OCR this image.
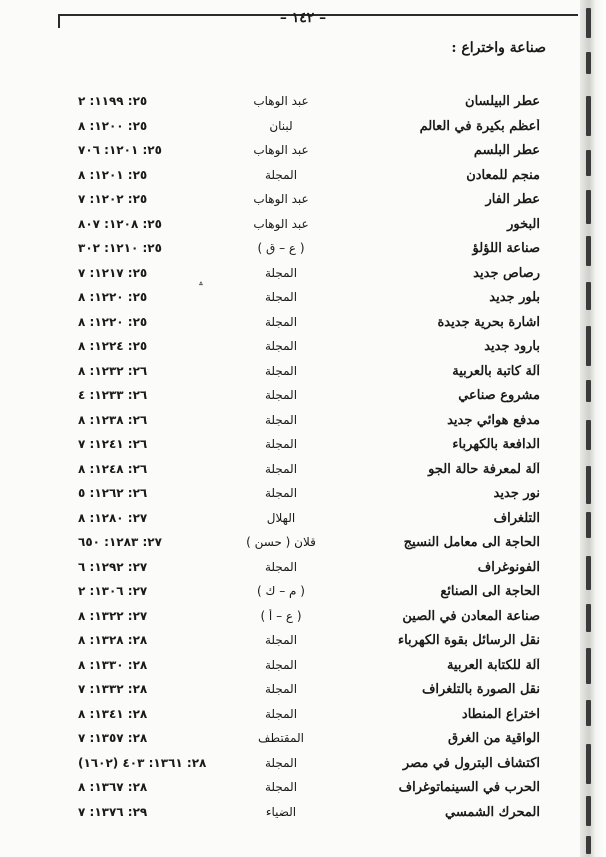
– ١٤٢ –
صناعة واختراع :
؞
عطر البيلسان
عبد الوهاب
٢٥: ١١٩٩: ٢
أعظم بكيرة في العالم
لبنان
٢٥: ١٢٠٠: ٨
عطر البلسم
عبد الوهاب
٢٥: ١٢٠١: ٧٠٦
منجم للمعادن
المجلة
٢٥: ١٢٠١: ٨
عطر الفار
عبد الوهاب
٢٥: ١٢٠٢: ٧
البخور
عبد الوهاب
٢٥: ١٢٠٨: ٨٠٧
صناعة اللؤلؤ
( ع – ق )
٢٥: ١٢١٠: ٣٠٢
رصاص جديد
المجلة
٢٥: ١٢١٧: ٧
بلور جديد
المجلة
٢٥: ١٢٢٠: ٨
اشارة بحرية جديدة
المجلة
٢٥: ١٢٢٠: ٨
بارود جديد
المجلة
٢٥: ١٢٢٤: ٨
آلة كاتبة بالعربية
المجلة
٢٦: ١٢٣٢: ٨
مشروع صناعي
المجلة
٢٦: ١٢٣٣: ٤
مدفع هوائي جديد
المجلة
٢٦: ١٢٣٨: ٨
الدافعة بالكهرباء
المجلة
٢٦: ١٢٤١: ٧
آلة لمعرفة حالة الجو
المجلة
٢٦: ١٢٤٨: ٨
نور جديد
المجلة
٢٦: ١٢٦٢: ٥
التلغراف
الهلال
٢٧: ١٢٨٠: ٨
الحاجة الى معامل النسيج
قلان ( حسن )
٢٧: ١٢٨٣: ٦٥٠
الفونوغراف
المجلة
٢٧: ١٢٩٢: ٦
الحاجة الى الصنائع
( م – ك )
٢٧: ١٣٠٦: ٢
صناعة المعادن في الصين
( ع – أ )
٢٧: ١٣٢٢: ٨
نقل الرسائل بقوة الكهرباء
المجلة
٢٨: ١٣٢٨: ٨
آلة للكتابة العربية
المجلة
٢٨: ١٣٣٠: ٨
نقل الصورة بالتلغراف
المجلة
٢٨: ١٣٣٢: ٧
اختراع المنطاد
المجلة
٢٨: ١٣٤١: ٨
الواقية من الغرق
المقتطف
٢٨: ١٣٥٧: ٧
اكتشاف البترول في مصر
المجلة
(١٦٠٢) ٢٨: ١٣٦١: ٤٠٣
الحرب في السينماتوغراف
المجلة
٢٨: ١٣٦٧: ٨
المحرك الشمسي
الضياء
٢٩: ١٣٧٦: ٧
